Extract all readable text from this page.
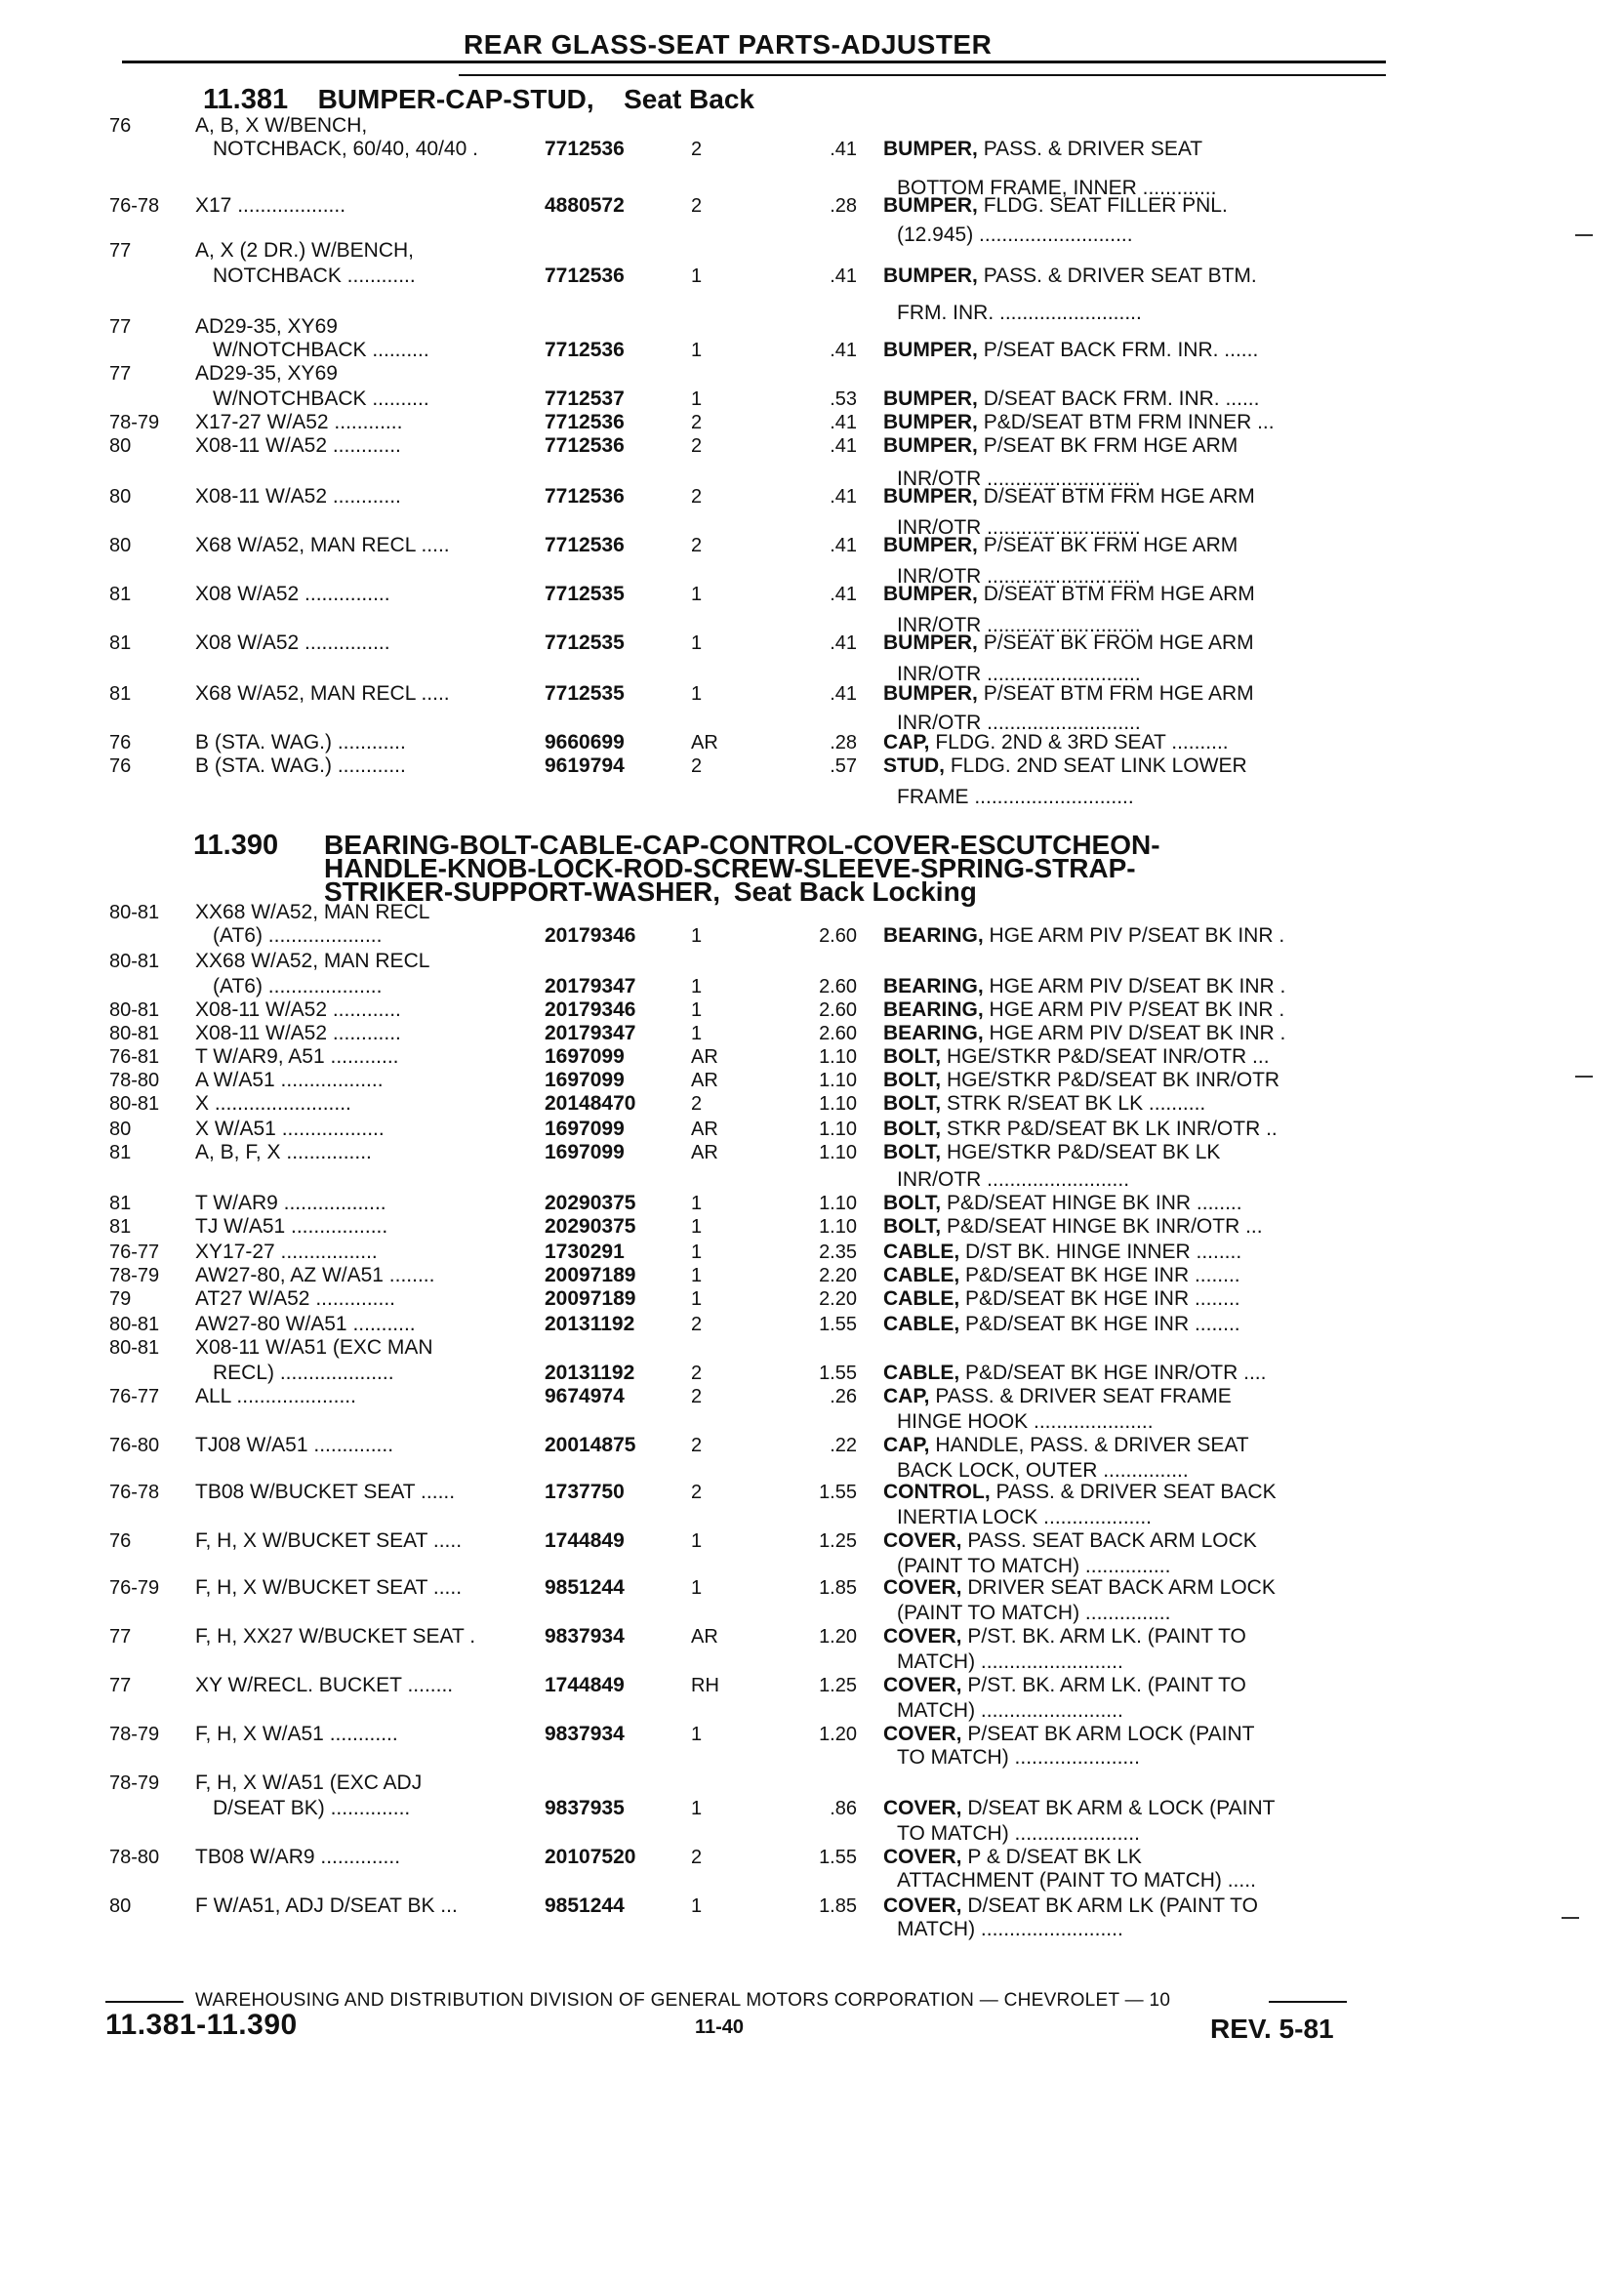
REAR GLASS-SEAT PARTS-ADJUSTER
11.381 BUMPER-CAP-STUD, Seat Back
11.390 BEARING-BOLT-CABLE-CAP-CONTROL-COVER-ESCUTCHEON-
HANDLE-KNOB-LOCK-ROD-SCREW-SLEEVE-SPRING-STRAP-
STRIKER-SUPPORT-WASHER, Seat Back Locking
76	A, B, X W/BENCH,
NOTCHBACK, 60/40, 40/40 .	7712536	2	.41 BUMPER, PASS. & DRIVER SEAT
BOTTOM FRAME, INNER .............
76-78	X17 ...................	4880572	2	.28 BUMPER, FLDG. SEAT FILLER PNL.
(12.945) ...........................
77	A, X (2 DR.) W/BENCH,
NOTCHBACK ............	7712536	1	.41 BUMPER, PASS. & DRIVER SEAT BTM.
FRM. INR. .........................
77	AD29-35, XY69
W/NOTCHBACK ..........	7712536	1	.41 BUMPER, P/SEAT BACK FRM. INR. ......
77	AD29-35, XY69
W/NOTCHBACK ..........	7712537	1	.53 BUMPER, D/SEAT BACK FRM. INR. ......
78-79	X17-27 W/A52 ............	7712536	2	.41 BUMPER, P&D/SEAT BTM FRM INNER ...
80	X08-11 W/A52 ............	7712536	2	.41 BUMPER, P/SEAT BK FRM HGE ARM
INR/OTR ...........................
80	X08-11 W/A52 ............	7712536	2	.41 BUMPER, D/SEAT BTM FRM HGE ARM
INR/OTR ...........................
80	X68 W/A52, MAN RECL .....	7712536	2	.41 BUMPER, P/SEAT BK FRM HGE ARM
INR/OTR ...........................
81	X08 W/A52 ...............	7712535	1	.41 BUMPER, D/SEAT BTM FRM HGE ARM
INR/OTR ...........................
81	X08 W/A52 ...............	7712535	1	.41 BUMPER, P/SEAT BK FROM HGE ARM
INR/OTR ...........................
81	X68 W/A52, MAN RECL .....	7712535	1	.41 BUMPER, P/SEAT BTM FRM HGE ARM
INR/OTR ...........................
76	B (STA. WAG.) ............	9660699	AR	.28 CAP, FLDG. 2ND & 3RD SEAT ..........
76	B (STA. WAG.) ............	9619794	2	.57 STUD, FLDG. 2ND SEAT LINK LOWER
FRAME ............................
80-81	XX68 W/A52, MAN RECL
(AT6) ....................	20179346	1	2.60 BEARING, HGE ARM PIV P/SEAT BK INR .
80-81	XX68 W/A52, MAN RECL
(AT6) ....................	20179347	1	2.60 BEARING, HGE ARM PIV D/SEAT BK INR .
80-81	X08-11 W/A52 ............	20179346	1	2.60 BEARING, HGE ARM PIV P/SEAT BK INR .
80-81	X08-11 W/A52 ............	20179347	1	2.60 BEARING, HGE ARM PIV D/SEAT BK INR .
76-81	T W/AR9, A51 ............	1697099	AR	1.10 BOLT, HGE/STKR P&D/SEAT INR/OTR ...
78-80	A W/A51 ..................	1697099	AR	1.10 BOLT, HGE/STKR P&D/SEAT BK INR/OTR
80-81	X ........................	20148470	2	1.10 BOLT, STRK R/SEAT BK LK ..........
80	X W/A51 ..................	1697099	AR	1.10 BOLT, STKR P&D/SEAT BK LK INR/OTR ..
81	A, B, F, X ...............	1697099	AR	1.10 BOLT, HGE/STKR P&D/SEAT BK LK
INR/OTR .........................
81	T W/AR9 ..................	20290375	1	1.10 BOLT, P&D/SEAT HINGE BK INR ........
81	TJ W/A51 .................	20290375	1	1.10 BOLT, P&D/SEAT HINGE BK INR/OTR ...
76-77	XY17-27 .................	1730291	1	2.35 CABLE, D/ST BK. HINGE INNER ........
78-79	AW27-80, AZ W/A51 ........	20097189	1	2.20 CABLE, P&D/SEAT BK HGE INR ........
79	AT27 W/A52 ..............	20097189	1	2.20 CABLE, P&D/SEAT BK HGE INR ........
80-81	AW27-80 W/A51 ...........	20131192	2	1.55 CABLE, P&D/SEAT BK HGE INR ........
80-81	X08-11 W/A51 (EXC MAN
RECL) ....................	20131192	2	1.55 CABLE, P&D/SEAT BK HGE INR/OTR ....
76-77	ALL .....................	9674974	2	.26 CAP, PASS. & DRIVER SEAT FRAME
HINGE HOOK .....................
76-80	TJ08 W/A51 ..............	20014875	2	.22 CAP, HANDLE, PASS. & DRIVER SEAT
BACK LOCK, OUTER ...............
76-78	TB08 W/BUCKET SEAT ......	1737750	2	1.55 CONTROL, PASS. & DRIVER SEAT BACK
INERTIA LOCK ...................
76	F, H, X W/BUCKET SEAT .....	1744849	1	1.25 COVER, PASS. SEAT BACK ARM LOCK
(PAINT TO MATCH) ...............
76-79	F, H, X W/BUCKET SEAT .....	9851244	1	1.85 COVER, DRIVER SEAT BACK ARM LOCK
(PAINT TO MATCH) ...............
77	F, H, XX27 W/BUCKET SEAT .	9837934	AR	1.20 COVER, P/ST. BK. ARM LK. (PAINT TO
MATCH) .........................
77	XY W/RECL. BUCKET ........	1744849	RH	1.25 COVER, P/ST. BK. ARM LK. (PAINT TO
MATCH) .........................
78-79	F, H, X W/A51 ............	9837934	1	1.20 COVER, P/SEAT BK ARM LOCK (PAINT
TO MATCH) ......................
78-79	F, H, X W/A51 (EXC ADJ
D/SEAT BK) ..............	9837935	1	.86 COVER, D/SEAT BK ARM & LOCK (PAINT
TO MATCH) ......................
78-80	TB08 W/AR9 ..............	20107520	2	1.55 COVER, P & D/SEAT BK LK
ATTACHMENT (PAINT TO MATCH) .....
80	F W/A51, ADJ D/SEAT BK ...	9851244	1	1.85 COVER, D/SEAT BK ARM LK (PAINT TO
MATCH) .........................
WAREHOUSING AND DISTRIBUTION DIVISION OF GENERAL MOTORS CORPORATION — CHEVROLET — 10
11.381-11.390	11-40	REV. 5-81
